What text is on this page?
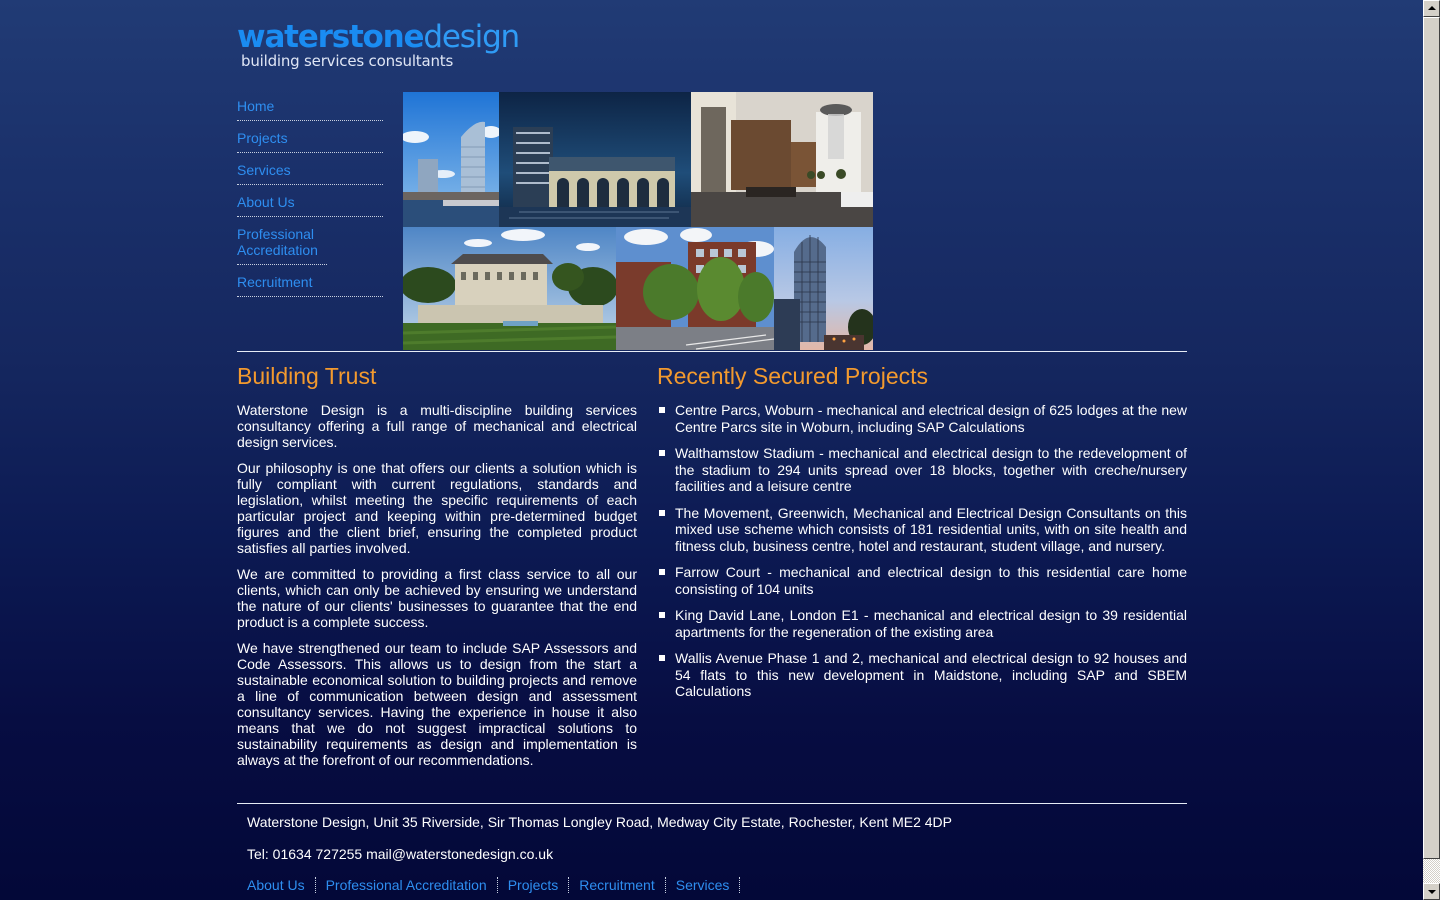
waterstonedesign
building services consultants
Home
Projects
Services
About Us
Professional Accreditation
Recruitment
Building Trust

Waterstone Design is a multi-discipline building services consultancy offering a full range of mechanical and electrical design services.

Our philosophy is one that offers our clients a solution which is fully compliant with current regulations, standards and legislation, whilst meeting the specific requirements of each particular project and keeping within pre-determined budget figures and the client brief, ensuring the completed product satisfies all parties involved.

We are committed to providing a first class service to all our clients, which can only be achieved by ensuring we understand the nature of our clients' businesses to guarantee that the end product is a complete success.

We have strengthened our team to include SAP Assessors and Code Assessors. This allows us to design from the start a sustainable economical solution to building projects and remove a line of communication between design and assessment consultancy services. Having the experience in house it also means that we do not suggest impractical solutions to sustainability requirements as design and implementation is always at the forefront of our recommendations.

Recently Secured Projects
Centre Parcs, Woburn - mechanical and electrical design of 625 lodges at the new Centre Parcs site in Woburn, including SAP Calculations
Walthamstow Stadium - mechanical and electrical design to the redevelopment of the stadium to 294 units spread over 18 blocks, together with creche/nursery facilities and a leisure centre
The Movement, Greenwich, Mechanical and Electrical Design Consultants on this mixed use scheme which consists of 181 residential units, with on site health and fitness club, business centre, hotel and restaurant, student village, and nursery.
Farrow Court - mechanical and electrical design to this residential care home consisting of 104 units
King David Lane, London E1 - mechanical and electrical design to 39 residential apartments for the regeneration of the existing area
Wallis Avenue Phase 1 and 2, mechanical and electrical design to 92 houses and 54 flats to this new development in Maidstone, including SAP and SBEM Calculations
Waterstone Design, Unit 35 Riverside, Sir Thomas Longley Road, Medway City Estate, Rochester, Kent ME2 4DP
Tel: 01634 727255 mail@waterstonedesign.co.uk
About Us	Professional Accreditation	Projects	Recruitment	Services
